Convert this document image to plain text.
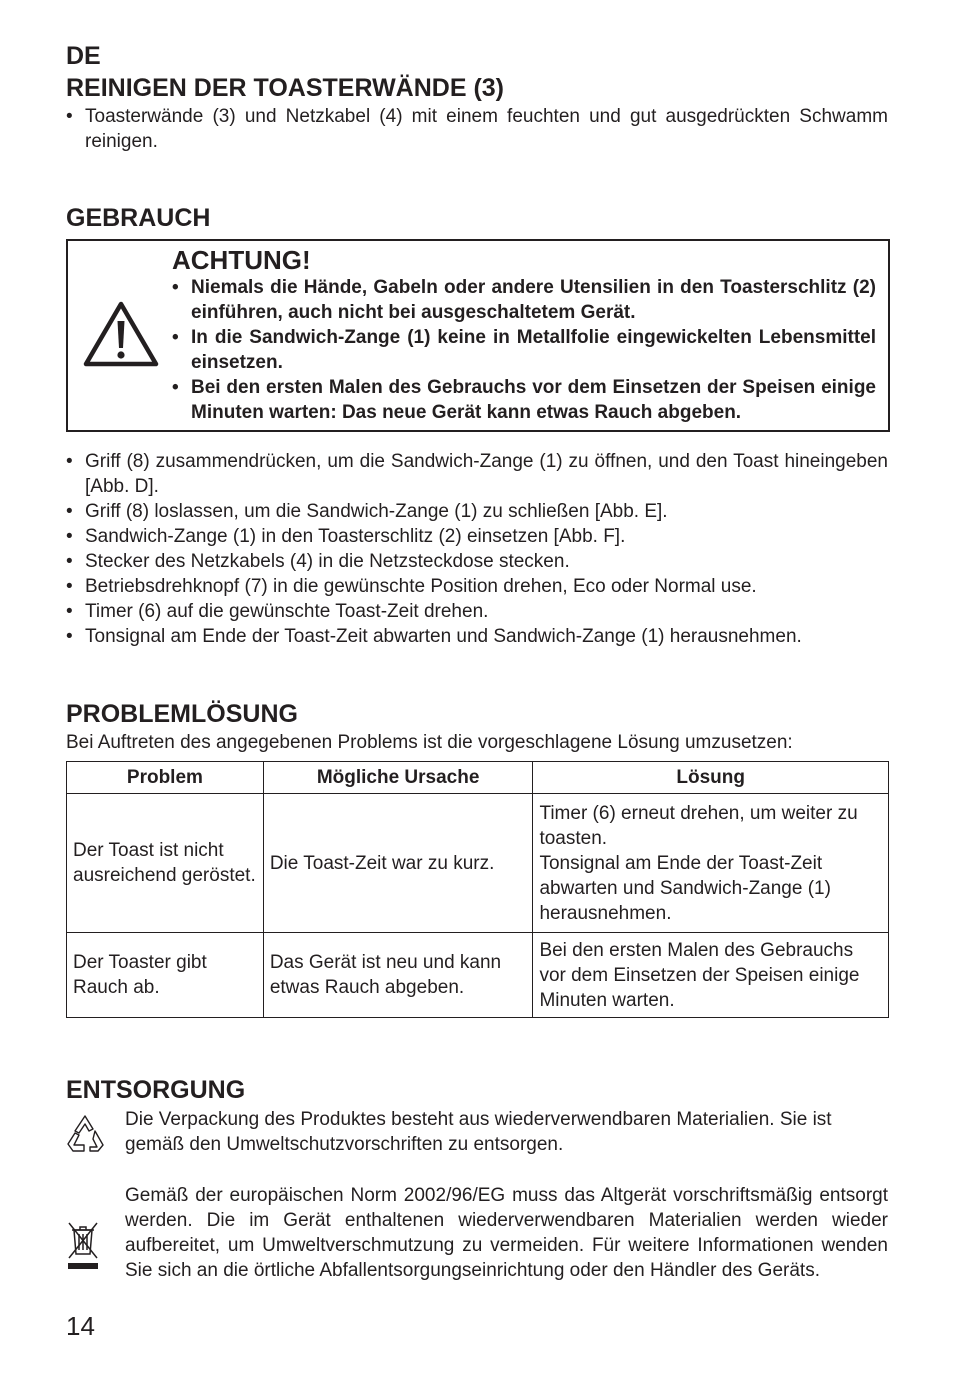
DE
REINIGEN DER TOASTERWÄNDE (3)
• Toasterwände (3) und Netzkabel (4) mit einem feuchten und gut ausgedrückten Schwamm reinigen.
GEBRAUCH
ACHTUNG!
• Niemals die Hände, Gabeln oder andere Utensilien in den Toasterschlitz (2) einführen, auch nicht bei ausgeschaltetem Gerät.
• In die Sandwich-Zange (1) keine in Metallfolie eingewickelten Lebensmittel einsetzen.
• Bei den ersten Malen des Gebrauchs vor dem Einsetzen der Speisen einige Minuten warten: Das neue Gerät kann etwas Rauch abgeben.
• Griff (8) zusammendrücken, um die Sandwich-Zange (1) zu öffnen, und den Toast hineingeben [Abb. D].
• Griff (8) loslassen, um die Sandwich-Zange (1) zu schließen [Abb. E].
• Sandwich-Zange (1) in den Toasterschlitz (2) einsetzen [Abb. F].
• Stecker des Netzkabels (4) in die Netzsteckdose stecken.
• Betriebsdrehknopf (7) in die gewünschte Position drehen, Eco oder Normal use.
• Timer (6) auf die gewünschte Toast-Zeit drehen.
• Tonsignal am Ende der Toast-Zeit abwarten und Sandwich-Zange (1) herausnehmen.
PROBLEMLÖSUNG

Bei Auftreten des angegebenen Problems ist die vorgeschlagene Lösung umzusetzen:

Problem	Mögliche Ursache	Lösung
Der Toast ist nicht ausreichend geröstet.	Die Toast-Zeit war zu kurz.	Timer (6) erneut drehen, um weiter zu toasten.
Tonsignal am Ende der Toast-Zeit abwarten und Sandwich-Zange (1) herausnehmen.

Der Toaster gibt Rauch ab.	Das Gerät ist neu und kann etwas Rauch abgeben.	Bei den ersten Malen des Gebrauchs vor dem Einsetzen der Speisen einige Minuten warten.
ENTSORGUNG

Die Verpackung des Produktes besteht aus wiederverwendbaren Materialien. Sie ist gemäß den Umweltschutzvorschriften zu entsorgen.

Gemäß der europäischen Norm 2002/96/EG muss das Altgerät vorschriftsmäßig entsorgt werden. Die im Gerät enthaltenen wiederverwendbaren Materialien werden wieder aufbereitet, um Umweltverschmutzung zu vermeiden. Für weitere Informationen wenden Sie sich an die örtliche Abfallentsorgungseinrichtung oder den Händler des Geräts.

14
